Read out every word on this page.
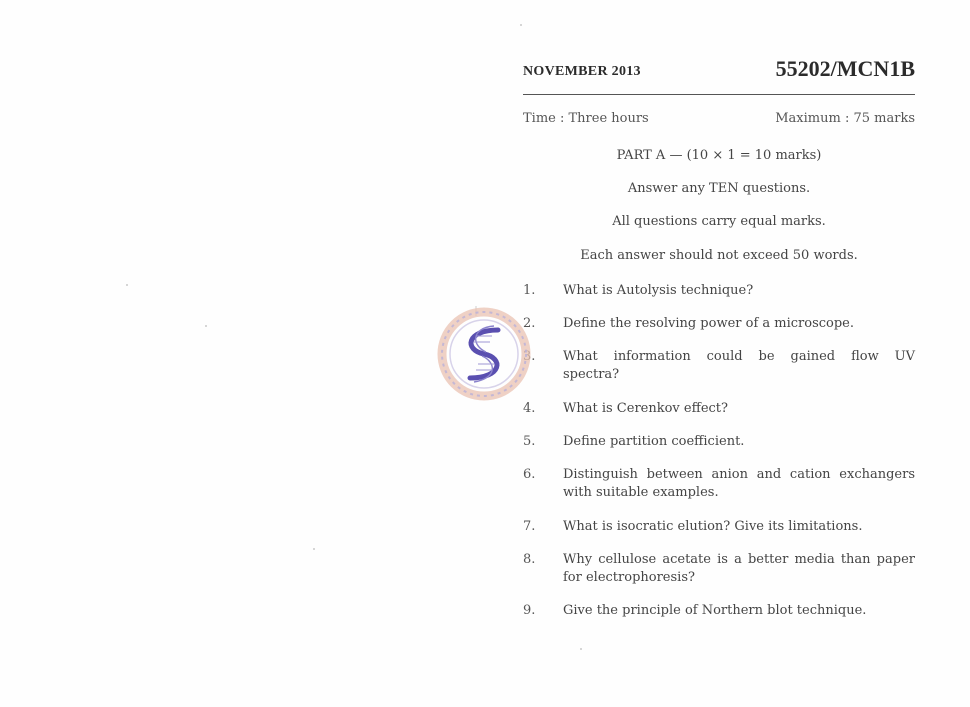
NOVEMBER 2013	55202/MCN1B
Time : Three hours	Maximum : 75 marks
PART A — (10 × 1 = 10 marks)
Answer any TEN questions.
All questions carry equal marks.
Each answer should not exceed 50 words.
1.	What is Autolysis technique?
2.	Define the resolving power of a microscope.
3.	What information could be gained flow UV spectra?
4.	What is Cerenkov effect?
5.	Define partition coefficient.
6.	Distinguish between anion and cation exchangers with suitable examples.
7.	What is isocratic elution? Give its limitations.
8.	Why cellulose acetate is a better media than paper for electrophoresis?
9.	Give the principle of Northern blot technique.
